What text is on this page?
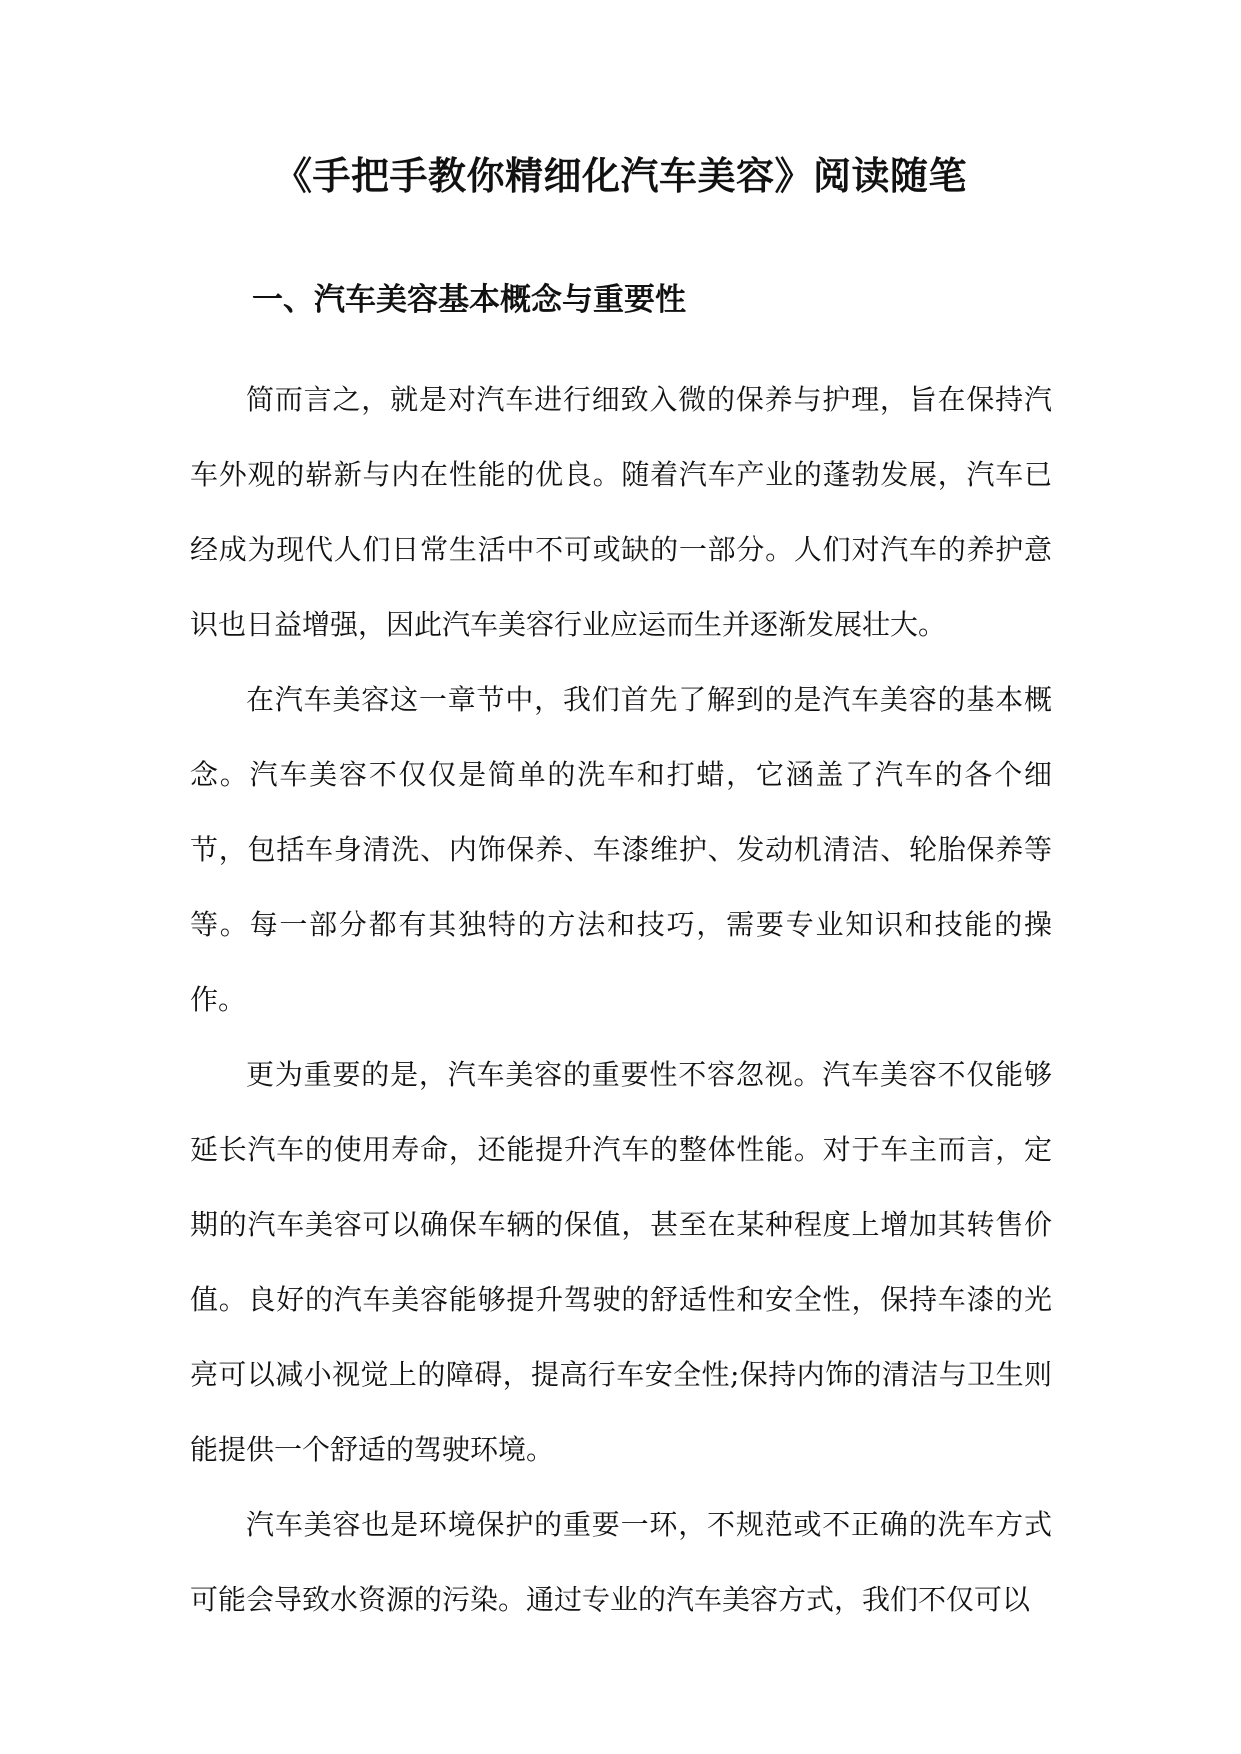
《手把手教你精细化汽车美容》阅读随笔
一、汽车美容基本概念与重要性

简而言之，就是对汽车进行细致入微的保养与护理，旨在保持汽车外观的崭新与内在性能的优良。随着汽车产业的蓬勃发展，汽车已经成为现代人们日常生活中不可或缺的一部分。人们对汽车的养护意识也日益增强，因此汽车美容行业应运而生并逐渐发展壮大。

在汽车美容这一章节中，我们首先了解到的是汽车美容的基本概念。汽车美容不仅仅是简单的洗车和打蜡，它涵盖了汽车的各个细节，包括车身清洗、内饰保养、车漆维护、发动机清洁、轮胎保养等等。每一部分都有其独特的方法和技巧，需要专业知识和技能的操作。

更为重要的是，汽车美容的重要性不容忽视。汽车美容不仅能够延长汽车的使用寿命，还能提升汽车的整体性能。对于车主而言，定期的汽车美容可以确保车辆的保值，甚至在某种程度上增加其转售价值。良好的汽车美容能够提升驾驶的舒适性和安全性，保持车漆的光亮可以减小视觉上的障碍，提高行车安全性;保持内饰的清洁与卫生则能提供一个舒适的驾驶环境。

汽车美容也是环境保护的重要一环，不规范或不正确的洗车方式可能会导致水资源的污染。通过专业的汽车美容方式，我们不仅可以
